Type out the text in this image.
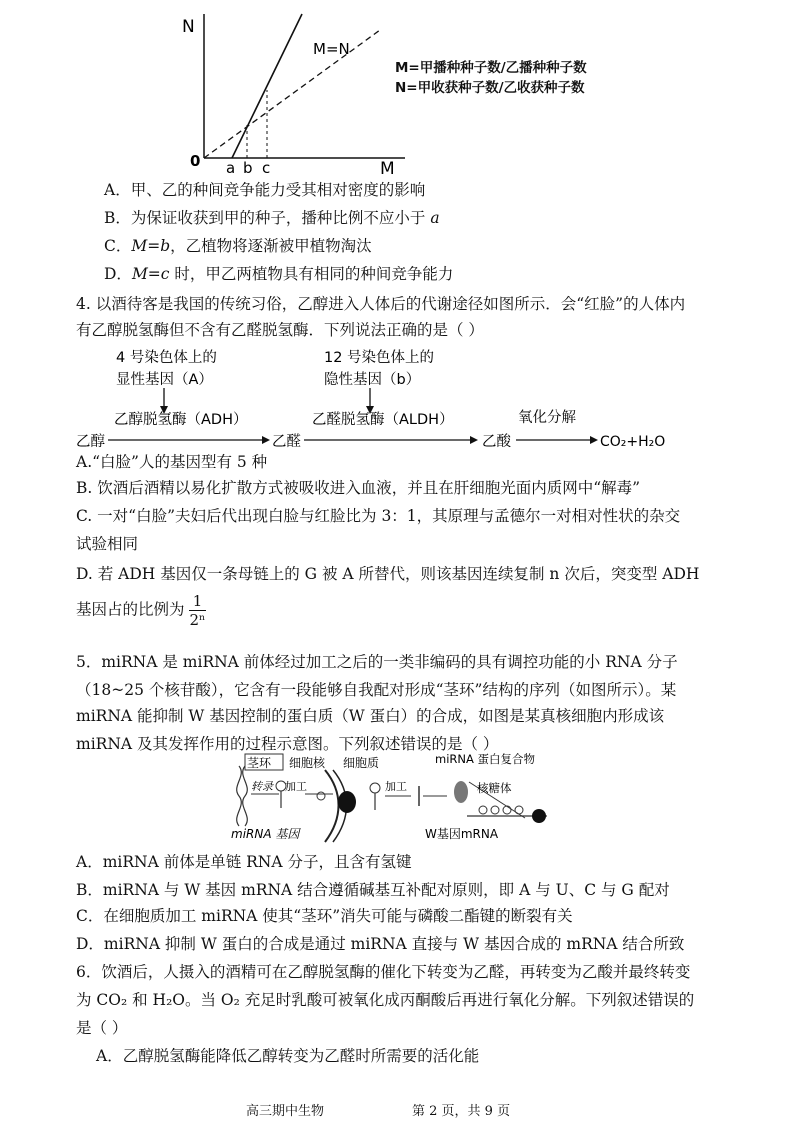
N
M
0 a b c
M=N
M=甲播种种子数/乙播种种子数
N=甲收获种子数/乙收获种子数
A．甲、乙的种间竞争能力受其相对密度的影响
B．为保证收获到甲的种子，播种比例不应小于 a
C．M=b，乙植物将逐渐被甲植物淘汰
D．M=c 时，甲乙两植物具有相同的种间竞争能力
4. 以酒待客是我国的传统习俗，乙醇进入人体后的代谢途径如图所示．会“红脸”的人体内
有乙醇脱氢酶但不含有乙醛脱氢酶．下列说法正确的是（ ）
4 号染色体上的
显性基因（A）
12 号染色体上的
隐性基因（b）
乙醇脱氢酶（ADH）	乙醛脱氢酶（ALDH）	氧化分解
乙醇	乙醛	乙酸	CO₂+H₂O
A.“白脸”人的基因型有 5 种
B. 饮酒后酒精以易化扩散方式被吸收进入血液，并且在肝细胞光面内质网中“解毒”
C. 一对“白脸”夫妇后代出现白脸与红脸比为 3：1，其原理与孟德尔一对相对性状的杂交
试验相同
D. 若 ADH 基因仅一条母链上的 G 被 A 所替代，则该基因连续复制 n 次后，突变型 ADH
基因占的比例为 $\frac{1}{\text{2ⁿ}}$
5．miRNA 是 miRNA 前体经过加工之后的一类非编码的具有调控功能的小 RNA 分子
（18~25 个核苷酸），它含有一段能够自我配对形成“茎环”结构的序列（如图所示）。某
miRNA 能抑制 W 基因控制的蛋白质（W 蛋白）的合成，如图是某真核细胞内形成该
miRNA 及其发挥作用的过程示意图。下列叙述错误的是（ ）
茎环 细胞核 细胞质	miRNA 蛋白复合物
转录 加工	加工	核糖体
miRNA 基因	W基因mRNA
A．miRNA 前体是单链 RNA 分子，且含有氢键
B．miRNA 与 W 基因 mRNA 结合遵循碱基互补配对原则，即 A 与 U、C 与 G 配对
C．在细胞质加工 miRNA 使其“茎环”消失可能与磷酸二酯键的断裂有关
D．miRNA 抑制 W 蛋白的合成是通过 miRNA 直接与 W 基因合成的 mRNA 结合所致
6．饮酒后，人摄入的酒精可在乙醇脱氢酶的催化下转变为乙醛，再转变为乙酸并最终转变
为 CO₂ 和 H₂O。当 O₂ 充足时乳酸可被氧化成丙酮酸后再进行氧化分解。下列叙述错误的
是（ ）
A．乙醇脱氢酶能降低乙醇转变为乙醛时所需要的活化能
高三期中生物	第 2 页，共 9 页
